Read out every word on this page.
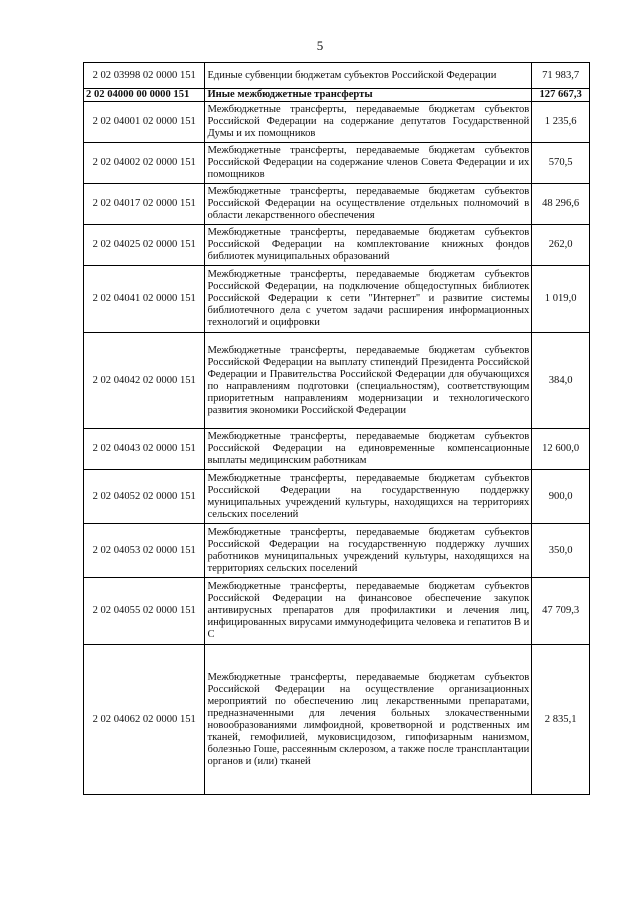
5
2 02 03998 02 0000 151	Единые субвенции бюджетам субъектов Российской Федерации	71 983,7
2 02 04000 00 0000 151	Иные межбюджетные трансферты	127 667,3
2 02 04001 02 0000 151	Межбюджетные трансферты, передаваемые бюджетам субъектов Российской Федерации на содержание депутатов Государственной Думы и их помощников	1 235,6
2 02 04002 02 0000 151	Межбюджетные трансферты, передаваемые бюджетам субъектов Российской Федерации на содержание членов Совета Федерации и их помощников	570,5
2 02 04017 02 0000 151	Межбюджетные трансферты, передаваемые бюджетам субъектов Российской Федерации на осуществление отдельных полномочий в области лекарственного обеспечения	48 296,6
2 02 04025 02 0000 151	Межбюджетные трансферты, передаваемые бюджетам субъектов Российской Федерации на комплектование книжных фондов библиотек муниципальных образований	262,0
2 02 04041 02 0000 151	Межбюджетные трансферты, передаваемые бюджетам субъектов Российской Федерации, на подключение общедоступных библиотек Российской Федерации к сети "Интернет" и развитие системы библиотечного дела с учетом задачи расширения информационных технологий и оцифровки	1 019,0
2 02 04042 02 0000 151	Межбюджетные трансферты, передаваемые бюджетам субъектов Российской Федерации на выплату стипендий Президента Российской Федерации и Правительства Российской Федерации для обучающихся по направлениям подготовки (специальностям), соответствующим приоритетным направлениям модернизации и технологического развития экономики Российской Федерации	384,0
2 02 04043 02 0000 151	Межбюджетные трансферты, передаваемые бюджетам субъектов Российской Федерации на единовременные компенсационные выплаты медицинским работникам	12 600,0
2 02 04052 02 0000 151	Межбюджетные трансферты, передаваемые бюджетам субъектов Российской Федерации на государственную поддержку муниципальных учреждений культуры, находящихся на территориях сельских поселений	900,0
2 02 04053 02 0000 151	Межбюджетные трансферты, передаваемые бюджетам субъектов Российской Федерации на государственную поддержку лучших работников муниципальных учреждений культуры, находящихся на территориях сельских поселений	350,0
2 02 04055 02 0000 151	Межбюджетные трансферты, передаваемые бюджетам субъектов Российской Федерации на финансовое обеспечение закупок антивирусных препаратов для профилактики и лечения лиц, инфицированных вирусами иммунодефицита человека и гепатитов В и С	47 709,3
2 02 04062 02 0000 151	Межбюджетные трансферты, передаваемые бюджетам субъектов Российской Федерации на осуществление организационных мероприятий по обеспечению лиц лекарственными препаратами, предназначенными для лечения больных злокачественными новообразованиями лимфоидной, кроветворной и родственных им тканей, гемофилией, муковисцидозом, гипофизарным нанизмом, болезнью Гоше, рассеянным склерозом, а также после трансплантации органов и (или) тканей	2 835,1
